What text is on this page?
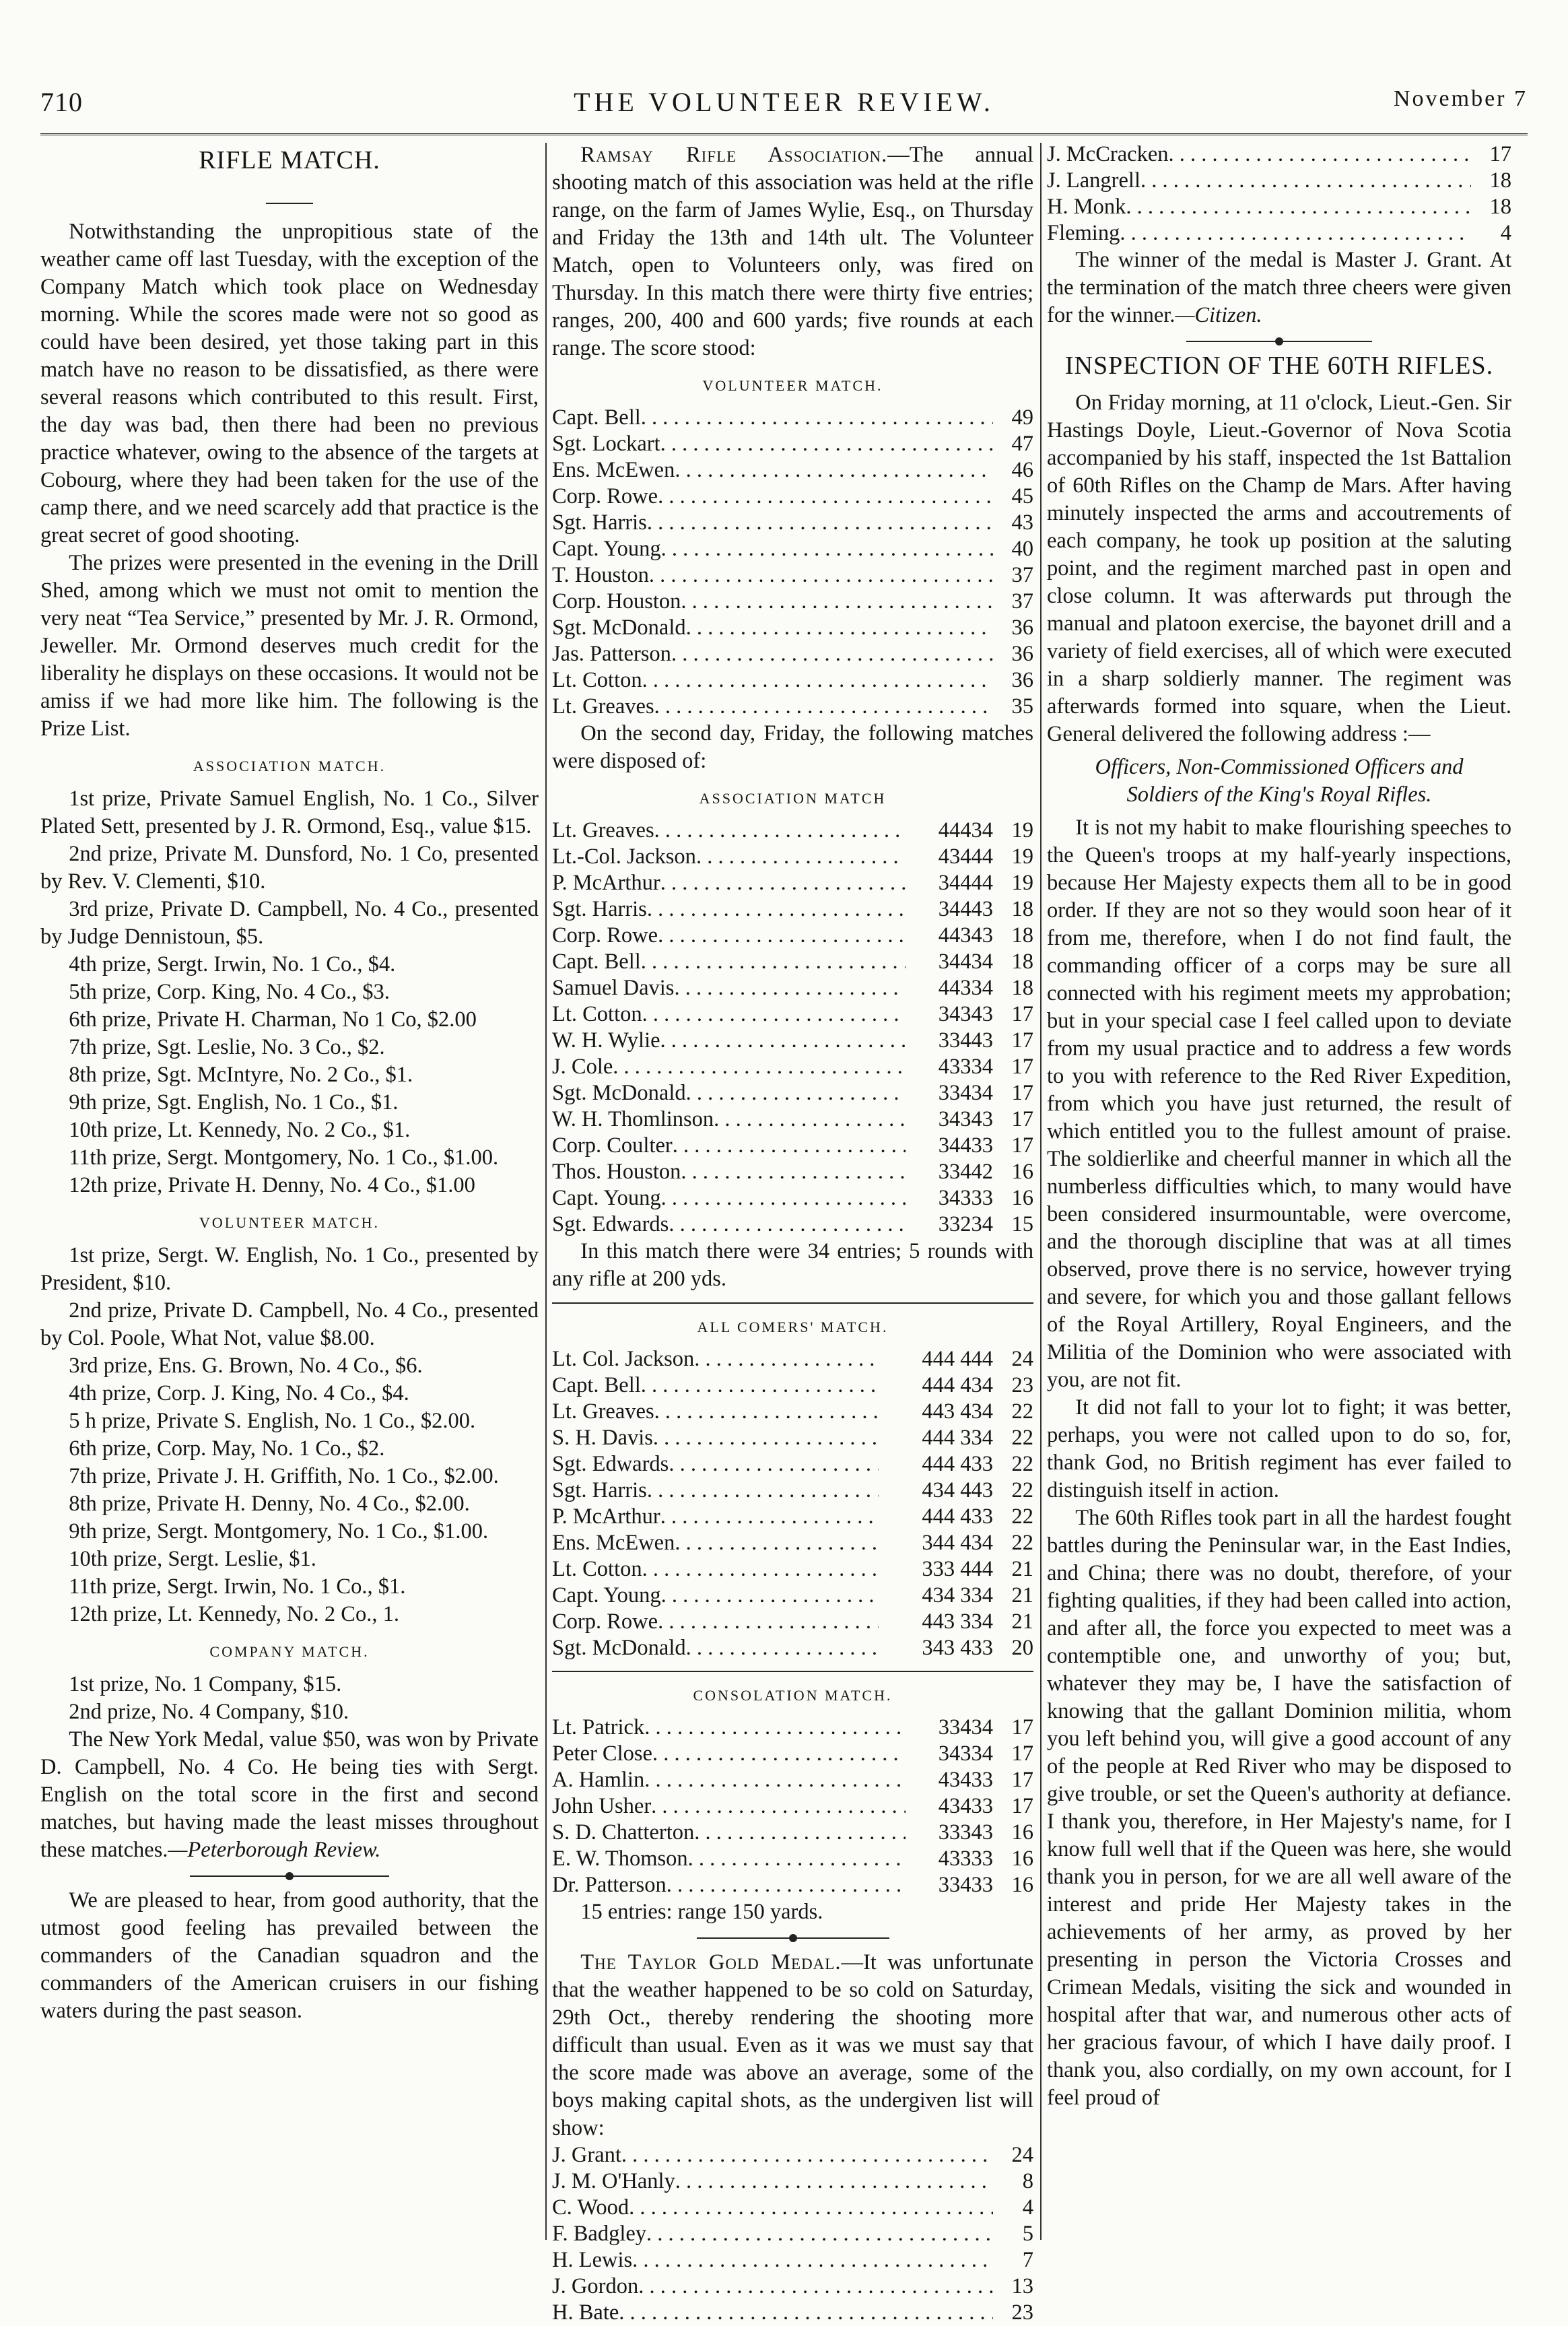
710	THE VOLUNTEER REVIEW.	November 7
RIFLE MATCH.

Notwithstanding the unpropitious state of the weather came off last Tuesday, with the exception of the Company Match which took place on Wednesday morning. While the scores made were not so good as could have been desired, yet those taking part in this match have no reason to be dissatisfied, as there were several reasons which contributed to this result. First, the day was bad, then there had been no previous practice whatever, owing to the absence of the targets at Cobourg, where they had been taken for the use of the camp there, and we need scarcely add that practice is the great secret of good shooting.

The prizes were presented in the evening in the Drill Shed, among which we must not omit to mention the very neat “Tea Service,” presented by Mr. J. R. Ormond, Jeweller. Mr. Ormond deserves much credit for the liberality he displays on these occasions. It would not be amiss if we had more like him. The following is the Prize List.

ASSOCIATION MATCH.

1st prize, Private Samuel English, No. 1 Co., Silver Plated Sett, presented by J. R. Ormond, Esq., value $15.

2nd prize, Private M. Dunsford, No. 1 Co, presented by Rev. V. Clementi, $10.

3rd prize, Private D. Campbell, No. 4 Co., presented by Judge Dennistoun, $5.

4th prize, Sergt. Irwin, No. 1 Co., $4.

5th prize, Corp. King, No. 4 Co., $3.

6th prize, Private H. Charman, No 1 Co, $2.00

7th prize, Sgt. Leslie, No. 3 Co., $2.

8th prize, Sgt. McIntyre, No. 2 Co., $1.

9th prize, Sgt. English, No. 1 Co., $1.

10th prize, Lt. Kennedy, No. 2 Co., $1.

11th prize, Sergt. Montgomery, No. 1 Co., $1.00.

12th prize, Private H. Denny, No. 4 Co., $1.00

VOLUNTEER MATCH.

1st prize, Sergt. W. English, No. 1 Co., presented by President, $10.

2nd prize, Private D. Campbell, No. 4 Co., presented by Col. Poole, What Not, value $8.00.

3rd prize, Ens. G. Brown, No. 4 Co., $6.

4th prize, Corp. J. King, No. 4 Co., $4.

5 h prize, Private S. English, No. 1 Co., $2.00.

6th prize, Corp. May, No. 1 Co., $2.

7th prize, Private J. H. Griffith, No. 1 Co., $2.00.

8th prize, Private H. Denny, No. 4 Co., $2.00.

9th prize, Sergt. Montgomery, No. 1 Co., $1.00.

10th prize, Sergt. Leslie, $1.

11th prize, Sergt. Irwin, No. 1 Co., $1.

12th prize, Lt. Kennedy, No. 2 Co., 1.

COMPANY MATCH.

1st prize, No. 1 Company, $15.

2nd prize, No. 4 Company, $10.

The New York Medal, value $50, was won by Private D. Campbell, No. 4 Co. He being ties with Sergt. English on the total score in the first and second matches, but having made the least misses throughout these matches.—Peterborough Review.

We are pleased to hear, from good authority, that the utmost good feeling has prevailed between the commanders of the Canadian squadron and the commanders of the American cruisers in our fishing waters during the past season.

Ramsay Rifle Association.—The annual shooting match of this association was held at the rifle range, on the farm of James Wylie, Esq., on Thursday and Friday the 13th and 14th ult. The Volunteer Match, open to Volunteers only, was fired on Thursday. In this match there were thirty five entries; ranges, 200, 400 and 600 yards; five rounds at each range. The score stood:

VOLUNTEER MATCH.
Capt. Bell . . .	49
Sgt. Lockart . . .	47
Ens. McEwen . . .	46
Corp. Rowe . . .	45
Sgt. Harris . . .	43
Capt. Young . . .	40
T. Houston . . .	37
Corp. Houston . . .	37
Sgt. McDonald . . .	36
Jas. Patterson . . .	36
Lt. Cotton . . .	36
Lt. Greaves . . .	35

On the second day, Friday, the following matches were disposed of:

ASSOCIATION MATCH
Lt. Greaves . . .	44434 19
Lt.-Col. Jackson . . .	43444 19
P. McArthur . . .	34444 19
Sgt. Harris . . .	34443 18
Corp. Rowe . . .	44343 18
Capt. Bell . . .	34434 18
Samuel Davis . . .	44334 18
Lt. Cotton . . .	34343 17
W. H. Wylie . . .	33443 17
J. Cole . . .	43334 17
Sgt. McDonald . . .	33434 17
W. H. Thomlinson . . .	34343 17
Corp. Coulter . . .	34433 17
Thos. Houston . . .	33442 16
Capt. Young . . .	34333 16
Sgt. Edwards . . .	33234 15

In this match there were 34 entries; 5 rounds with any rifle at 200 yds.

ALL COMERS' MATCH.
Lt. Col. Jackson . . .	444 444 24
Capt. Bell . . .	444 434 23
Lt. Greaves . . .	443 434 22
S. H. Davis . . .	444 334 22
Sgt. Edwards . . .	444 433 22
Sgt. Harris . . .	434 443 22
P. McArthur . . .	444 433 22
Ens. McEwen . . .	344 434 22
Lt. Cotton . . .	333 444 21
Capt. Young . . .	434 334 21
Corp. Rowe . . .	443 334 21
Sgt. McDonald . . .	343 433 20
CONSOLATION MATCH.
Lt. Patrick . . .	33434 17
Peter Close . . .	34334 17
A. Hamlin . . .	43433 17
John Usher . . .	43433 17
S. D. Chatterton . . .	33343 16
E. W. Thomson . . .	43333 16
Dr. Patterson . . .	33433 16

15 entries: range 150 yards.

The Taylor Gold Medal.—It was unfortunate that the weather happened to be so cold on Saturday, 29th Oct., thereby rendering the shooting more difficult than usual. Even as it was we must say that the score made was above an average, some of the boys making capital shots, as the undergiven list will show:

J. Grant . . .	24
J. M. O'Hanly . . .	8
C. Wood . . .	4
F. Badgley . . .	5
H. Lewis . . .	7
J. Gordon . . .	13
H. Bate . . .	23
J. McCracken . . .	17
J. Langrell . . .	18
H. Monk . . .	18
Fleming . . .	4

The winner of the medal is Master J. Grant. At the termination of the match three cheers were given for the winner.—Citizen.

INSPECTION OF THE 60TH RIFLES.

On Friday morning, at 11 o'clock, Lieut.-Gen. Sir Hastings Doyle, Lieut.-Governor of Nova Scotia accompanied by his staff, inspected the 1st Battalion of 60th Rifles on the Champ de Mars. After having minutely inspected the arms and accoutrements of each company, he took up position at the saluting point, and the regiment marched past in open and close column. It was afterwards put through the manual and platoon exercise, the bayonet drill and a variety of field exercises, all of which were executed in a sharp soldierly manner. The regiment was afterwards formed into square, when the Lieut. General delivered the following address :—

Officers, Non-Commissioned Officers and Soldiers of the King's Royal Rifles.

It is not my habit to make flourishing speeches to the Queen's troops at my half-yearly inspections, because Her Majesty expects them all to be in good order. If they are not so they would soon hear of it from me, therefore, when I do not find fault, the commanding officer of a corps may be sure all connected with his regiment meets my approbation; but in your special case I feel called upon to deviate from my usual practice and to address a few words to you with reference to the Red River Expedition, from which you have just returned, the result of which entitled you to the fullest amount of praise. The soldierlike and cheerful manner in which all the numberless difficulties which, to many would have been considered insurmountable, were overcome, and the thorough discipline that was at all times observed, prove there is no service, however trying and severe, for which you and those gallant fellows of the Royal Artillery, Royal Engineers, and the Militia of the Dominion who were associated with you, are not fit.

It did not fall to your lot to fight; it was better, perhaps, you were not called upon to do so, for, thank God, no British regiment has ever failed to distinguish itself in action.

The 60th Rifles took part in all the hardest fought battles during the Peninsular war, in the East Indies, and China; there was no doubt, therefore, of your fighting qualities, if they had been called into action, and after all, the force you expected to meet was a contemptible one, and unworthy of you; but, whatever they may be, I have the satisfaction of knowing that the gallant Dominion militia, whom you left behind you, will give a good account of any of the people at Red River who may be disposed to give trouble, or set the Queen's authority at defiance. I thank you, therefore, in Her Majesty's name, for I know full well that if the Queen was here, she would thank you in person, for we are all well aware of the interest and pride Her Majesty takes in the achievements of her army, as proved by her presenting in person the Victoria Crosses and Crimean Medals, visiting the sick and wounded in hospital after that war, and numerous other acts of her gracious favour, of which I have daily proof. I thank you, also cordially, on my own account, for I feel proud of
